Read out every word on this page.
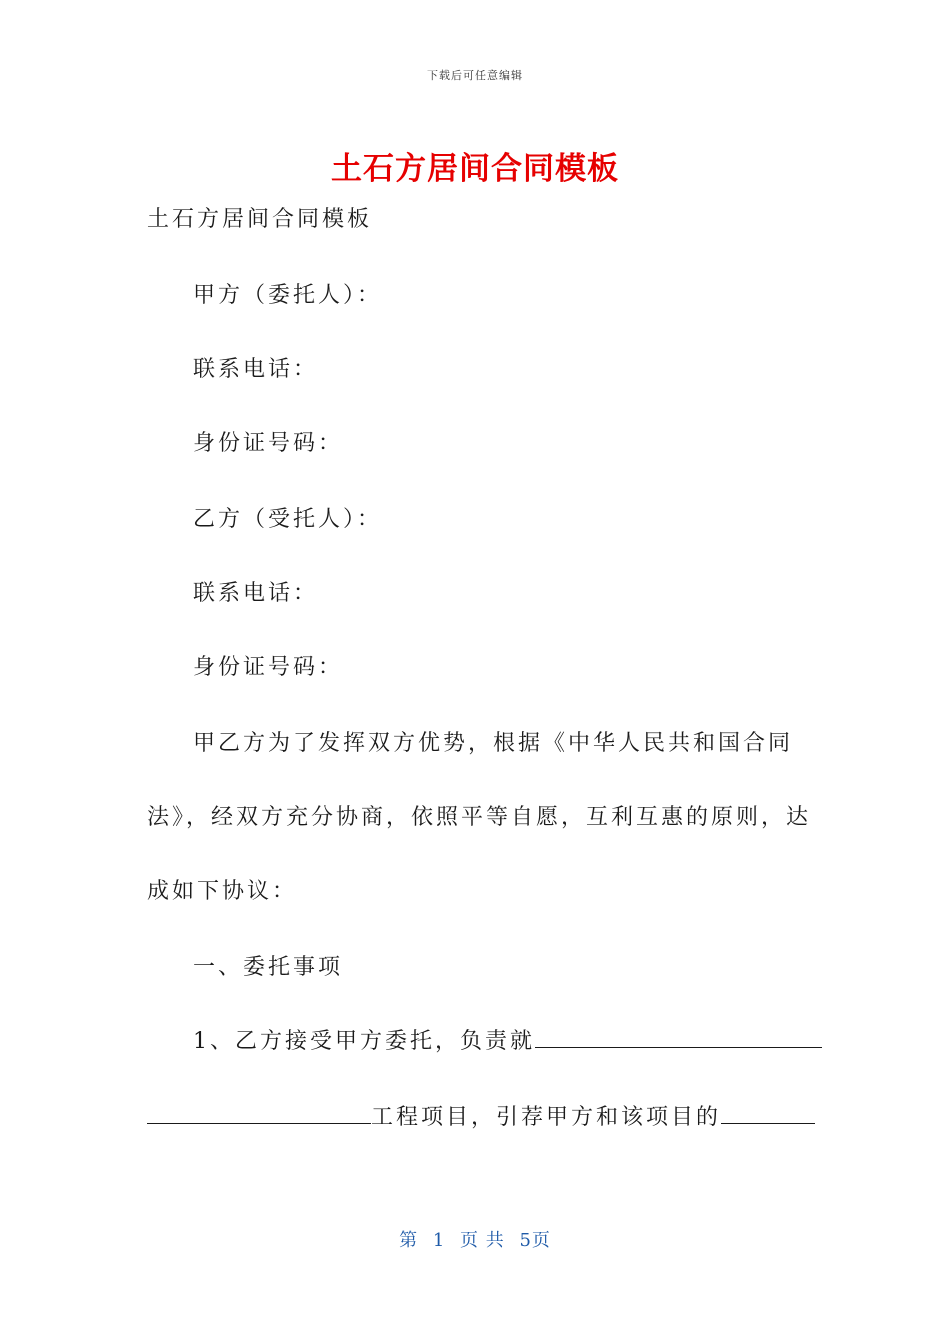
下载后可任意编辑
土石方居间合同模板
土石方居间合同模板
甲方（委托人）：
联系电话：
身份证号码：
乙方（受托人）：
联系电话：
身份证号码：
甲乙方为了发挥双方优势，根据《中华人民共和国合同
法》，经双方充分协商，依照平等自愿，互利互惠的原则，达
成如下协议：
一、委托事项
1、乙方接受甲方委托，负责就
工程项目，引荐甲方和该项目的
第 1 页 共 5页
